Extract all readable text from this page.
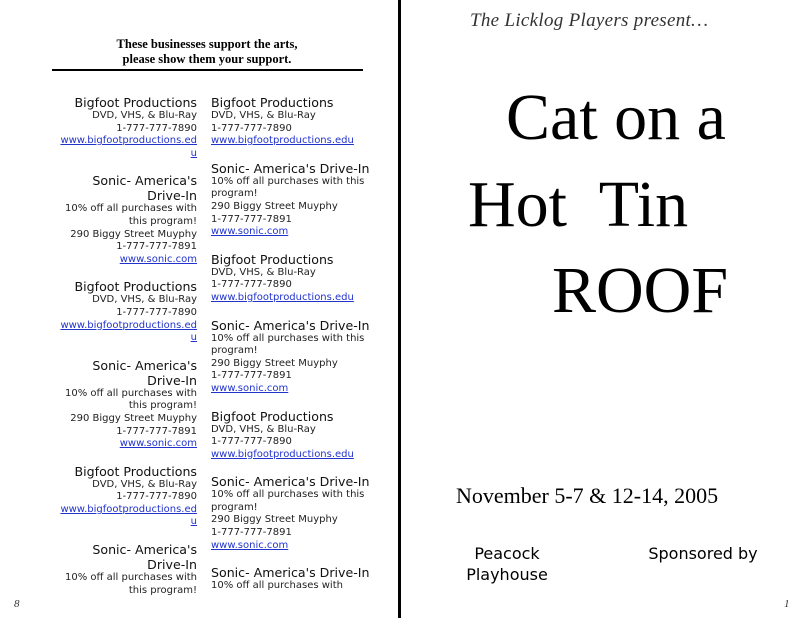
These businesses support the arts,
please show them your support.
Bigfoot Productions
DVD, VHS, & Blu-Ray
1-777-777-7890
www.bigfootproductions.edu
Sonic- America's Drive-In
10% off all purchases with this program!
290 Biggy Street Muyphy
1-777-777-7891
www.sonic.com
Bigfoot Productions
DVD, VHS, & Blu-Ray
1-777-777-7890
www.bigfootproductions.edu
Sonic- America's Drive-In
10% off all purchases with this program!
290 Biggy Street Muyphy
1-777-777-7891
www.sonic.com
Bigfoot Productions
DVD, VHS, & Blu-Ray
1-777-777-7890
www.bigfootproductions.edu
Sonic- America's Drive-In
10% off all purchases with this program!
Bigfoot Productions
DVD, VHS, & Blu-Ray
1-777-777-7890
www.bigfootproductions.edu
Sonic- America's Drive-In
10% off all purchases with this program!
290 Biggy Street Muyphy
1-777-777-7891
www.sonic.com
Bigfoot Productions
DVD, VHS, & Blu-Ray
1-777-777-7890
www.bigfootproductions.edu
Sonic- America's Drive-In
10% off all purchases with this program!
290 Biggy Street Muyphy
1-777-777-7891
www.sonic.com
Bigfoot Productions
DVD, VHS, & Blu-Ray
1-777-777-7890
www.bigfootproductions.edu
Sonic- America's Drive-In
10% off all purchases with this program!
290 Biggy Street Muyphy
1-777-777-7891
www.sonic.com
Sonic- America's Drive-In
10% off all purchases with
8
The Licklog Players present…
Cat on a
Hot  Tin
ROOF
November 5-7 & 12-14, 2005
Peacock Playhouse
Sponsored by
1
